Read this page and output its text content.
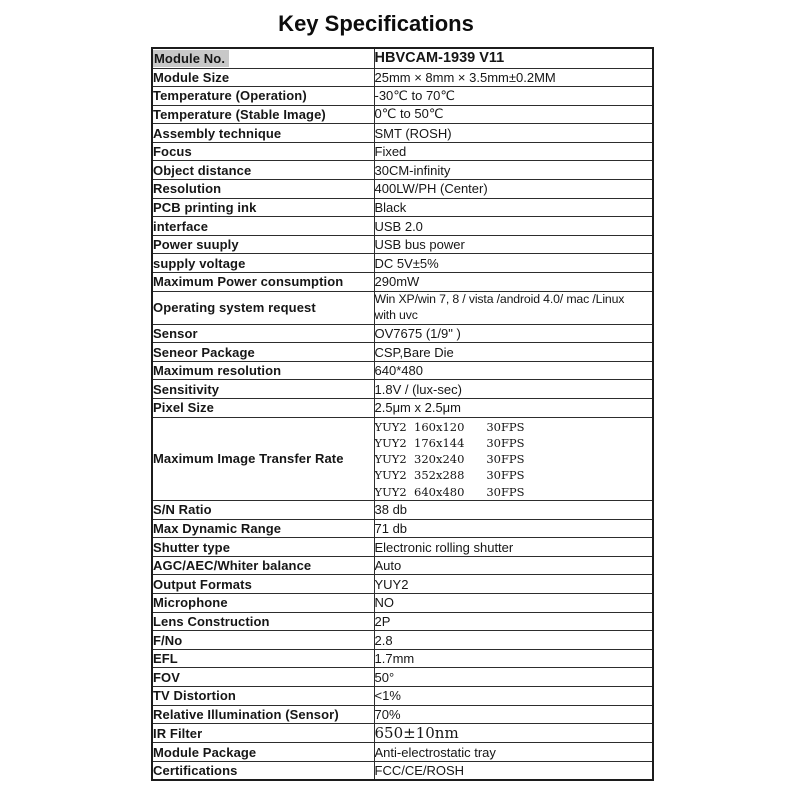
Key Specifications
Module No.	HBVCAM-1939 V11
Module Size	25mm × 8mm × 3.5mm±0.2MM
Temperature (Operation)	-30℃ to 70℃
Temperature (Stable Image)	0℃ to 50℃
Assembly technique	SMT (ROSH)
Focus	Fixed
Object distance	30CM-infinity
Resolution	400LW/PH (Center)
PCB printing ink	Black
interface	USB 2.0
Power suuply	USB bus power
supply voltage	DC 5V±5%
Maximum Power consumption	290mW
Operating system request	Win XP/win 7, 8 / vista /android 4.0/ mac /Linux
with uvc

Sensor	OV7675 (1/9" )
Seneor Package	CSP,Bare Die
Maximum resolution	640*480
Sensitivity	1.8V / (lux-sec)
Pixel Size	2.5μm x 2.5μm
Maximum Image Transfer Rate	YUY2  160x120      30FPS
YUY2  176x144      30FPS
YUY2  320x240      30FPS
YUY2  352x288      30FPS
YUY2  640x480      30FPS

S/N Ratio	38 db
Max Dynamic Range	71 db
Shutter type	Electronic rolling shutter
AGC/AEC/Whiter balance	Auto
Output Formats	YUY2
Microphone	NO
Lens Construction	2P
F/No	2.8
EFL	1.7mm
FOV	50°
TV Distortion	<1%
Relative Illumination (Sensor)	70%
IR Filter	650±10nm
Module Package	Anti-electrostatic tray
Certifications	FCC/CE/ROSH
